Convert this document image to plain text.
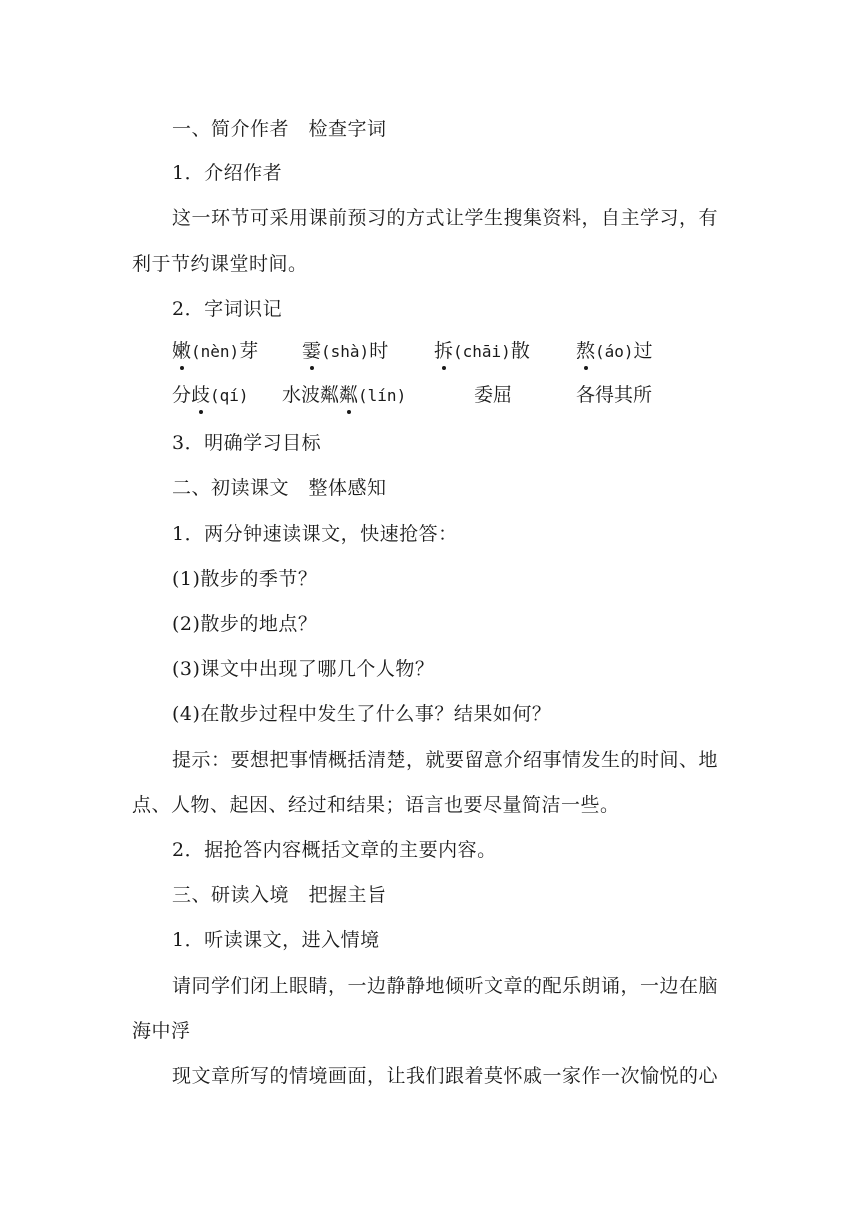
一、简介作者　检查字词
1．介绍作者
这一环节可采用课前预习的方式让学生搜集资料，自主学习，有
利于节约课堂时间。
2．字词识记
嫩(nèn)芽 霎(shà)时 拆(chāi)散 熬(áo)过
分歧(qí) 水波粼粼(lín)	委屈	各得其所
3．明确学习目标
二、初读课文　整体感知
1．两分钟速读课文，快速抢答：
(1)散步的季节？
(2)散步的地点？
(3)课文中出现了哪几个人物？
(4)在散步过程中发生了什么事？结果如何？
提示：要想把事情概括清楚，就要留意介绍事情发生的时间、地
点、人物、起因、经过和结果；语言也要尽量简洁一些。
2．据抢答内容概括文章的主要内容。
三、研读入境　把握主旨
1．听读课文，进入情境
请同学们闭上眼睛，一边静静地倾听文章的配乐朗诵，一边在脑
海中浮
现文章所写的情境画面，让我们跟着莫怀戚一家作一次愉悦的心
